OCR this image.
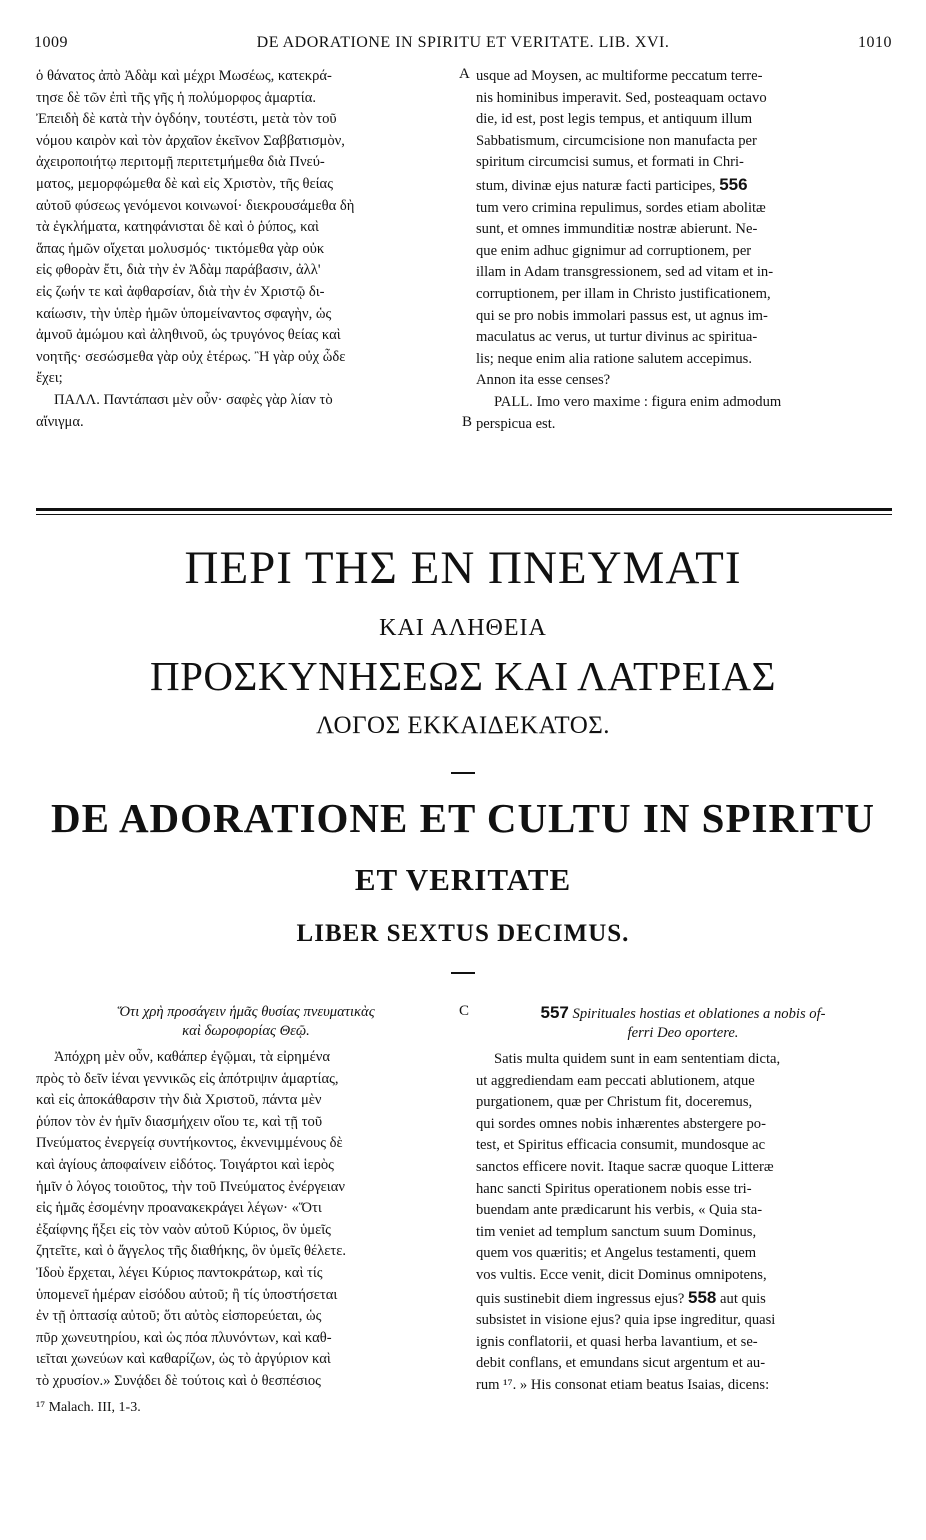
1009	DE ADORATIONE IN SPIRITU ET VERITATE. LIB. XVI.	1010
ὁ θάνατος ἀπὸ Ἀδὰμ καὶ μέχρι Μωσέως, κατεκρά-
τησε δὲ τῶν ἐπὶ τῆς γῆς ἡ πολύμορφος ἁμαρτία.
Ἐπειδὴ δὲ κατὰ τὴν ὀγδόην, τουτέστι, μετὰ τὸν τοῦ
νόμου καιρὸν καὶ τὸν ἀρχαῖον ἐκεῖνον Σαββατισμὸν,
ἀχειροποιήτῳ περιτομῇ περιτετμήμεθα διὰ Πνεύ-
ματος, μεμορφώμεθα δὲ καὶ εἰς Χριστὸν, τῆς θείας
αὐτοῦ φύσεως γενόμενοι κοινωνοί· διεκρουσάμεθα δὴ
τὰ ἐγκλήματα, κατηφάνισται δὲ καὶ ὁ ῥύπος, καὶ
ἅπας ἡμῶν οἴχεται μολυσμός· τικτόμεθα γὰρ οὐκ
εἰς φθορὰν ἔτι, διὰ τὴν ἐν Ἀδὰμ παράβασιν, ἀλλ'
εἰς ζωήν τε καὶ ἀφθαρσίαν, διὰ τὴν ἐν Χριστῷ δι-
καίωσιν, τὴν ὑπὲρ ἡμῶν ὑπομείναντος σφαγὴν, ὡς
ἀμνοῦ ἀμώμου καὶ ἀληθινοῦ, ὡς τρυγόνος θείας καὶ
νοητῆς· σεσώσμεθα γὰρ οὐχ ἑτέρως. Ἢ γὰρ οὐχ ὧδε
ἔχει;
ΠΑΛΛ. Παντάπασι μὲν οὖν· σαφὲς γὰρ λίαν τὸ
αἴνιγμα.
A
B
C
usque ad Moysen, ac multiforme peccatum terre-
nis hominibus imperavit. Sed, posteaquam octavo
die, id est, post legis tempus, et antiquum illum
Sabbatismum, circumcisione non manufacta per
spiritum circumcisi sumus, et formati in Chri-
stum, divinæ ejus naturæ facti participes, 556
tum vero crimina repulimus, sordes etiam abolitæ
sunt, et omnes immunditiæ nostræ abierunt. Ne-
que enim adhuc gignimur ad corruptionem, per
illam in Adam transgressionem, sed ad vitam et in-
corruptionem, per illam in Christo justificationem,
qui se pro nobis immolari passus est, ut agnus im-
maculatus ac verus, ut turtur divinus ac spiritua-
lis; neque enim alia ratione salutem accepimus.
Annon ita esse censes?
PALL. Imo vero maxime : figura enim admodum
perspicua est.
ΠΕΡΙ ΤΗΣ ΕΝ ΠΝΕΥΜΑΤΙ
ΚΑΙ ΑΛΗΘΕΙΑ
ΠΡΟΣΚΥΝΗΣΕΩΣ ΚΑΙ ΛΑΤΡΕΙΑΣ
ΛΟΓΟΣ ΕΚΚΑΙΔΕΚΑΤΟΣ.
DE ADORATIONE ET CULTU IN SPIRITU
ET VERITATE
LIBER SEXTUS DECIMUS.
Ὅτι χρὴ προσάγειν ἡμᾶς θυσίας πνευματικὰς
καὶ δωροφορίας Θεῷ.
Ἀπόχρη μὲν οὖν, καθάπερ ἐγῷμαι, τὰ εἰρημένα
πρὸς τὸ δεῖν ἰέναι γεννικῶς εἰς ἀπότριψιν ἁμαρτίας,
καὶ εἰς ἀποκάθαρσιν τὴν διὰ Χριστοῦ, πάντα μὲν
ῥύπον τὸν ἐν ἡμῖν διασμήχειν οἵου τε, καὶ τῇ τοῦ
Πνεύματος ἐνεργείᾳ συντήκοντος, ἐκνενιμμένους δὲ
καὶ ἁγίους ἀποφαίνειν εἰδότος. Τοιγάρτοι καὶ ἱερὸς
ἡμῖν ὁ λόγος τοιοῦτος, τὴν τοῦ Πνεύματος ἐνέργειαν
εἰς ἡμᾶς ἐσομένην προανακεκράγει λέγων· «Ὅτι
ἐξαίφνης ἥξει εἰς τὸν ναὸν αὐτοῦ Κύριος, ὃν ὑμεῖς
ζητεῖτε, καὶ ὁ ἄγγελος τῆς διαθήκης, ὃν ὑμεῖς θέλετε.
Ἰδοὺ ἔρχεται, λέγει Κύριος παντοκράτωρ, καὶ τίς
ὑπομενεῖ ἡμέραν εἰσόδου αὐτοῦ; ἢ τίς ὑποστήσεται
ἐν τῇ ὀπτασίᾳ αὐτοῦ; ὅτι αὐτὸς εἰσπορεύεται, ὡς
πῦρ χωνευτηρίου, καὶ ὡς πόα πλυνόντων, καὶ καθ-
ιεῖται χωνεύων καὶ καθαρίζων, ὡς τὸ ἀργύριον καὶ
τὸ χρυσίον.» Συνᾴδει δὲ τούτοις καὶ ὁ θεσπέσιος
¹⁷ Malach. III, 1-3.
557 Spirituales hostias et oblationes a nobis of-
ferri Deo oportere.
Satis multa quidem sunt in eam sententiam dicta,
ut aggrediendam eam peccati ablutionem, atque
purgationem, quæ per Christum fit, doceremus,
qui sordes omnes nobis inhærentes abstergere po-
test, et Spiritus efficacia consumit, mundosque ac
sanctos efficere novit. Itaque sacræ quoque Litteræ
hanc sancti Spiritus operationem nobis esse tri-
buendam ante prædicarunt his verbis, « Quia sta-
tim veniet ad templum sanctum suum Dominus,
quem vos quæritis; et Angelus testamenti, quem
vos vultis. Ecce venit, dicit Dominus omnipotens,
quis sustinebit diem ingressus ejus? 558 aut quis
subsistet in visione ejus? quia ipse ingreditur, quasi
ignis conflatorii, et quasi herba lavantium, et se-
debit conflans, et emundans sicut argentum et au-
rum ¹⁷. » His consonat etiam beatus Isaias, dicens:
